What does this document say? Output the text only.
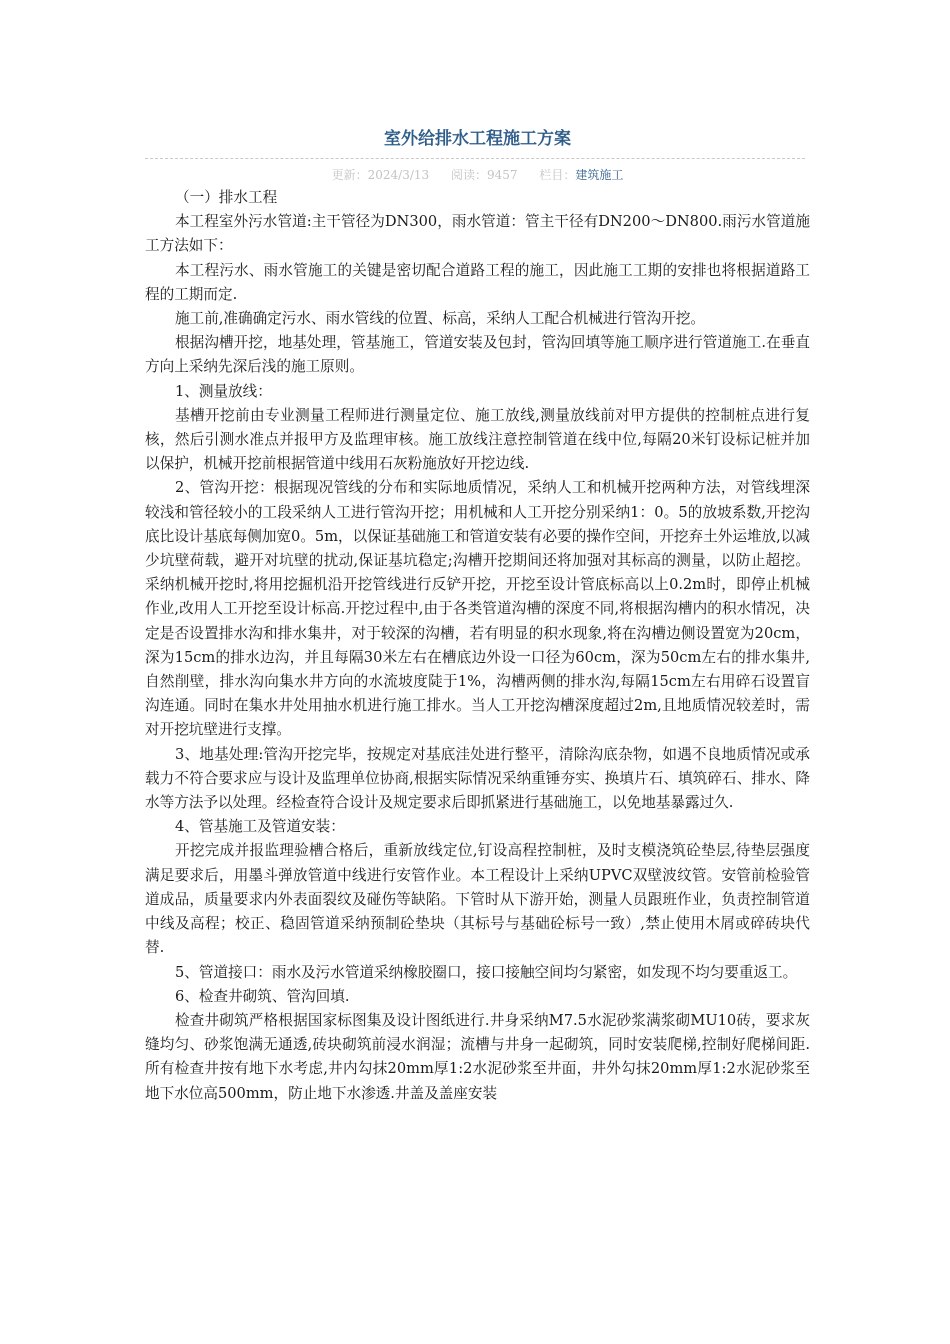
室外给排水工程施工方案
更新：2024/3/13 阅读：9457 栏目：建筑施工

（一）排水工程

本工程室外污水管道:主干管径为DN300，雨水管道：管主干径有DN200～DN800.雨污水管道施工方法如下：

本工程污水、雨水管施工的关键是密切配合道路工程的施工，因此施工工期的安排也将根据道路工程的工期而定.

施工前,准确确定污水、雨水管线的位置、标高，采纳人工配合机械进行管沟开挖。

根据沟槽开挖，地基处理，管基施工，管道安装及包封，管沟回填等施工顺序进行管道施工.在垂直方向上采纳先深后浅的施工原则。

1、测量放线：

基槽开挖前由专业测量工程师进行测量定位、施工放线,测量放线前对甲方提供的控制桩点进行复核，然后引测水准点并报甲方及监理审核。施工放线注意控制管道在线中位,每隔20米钉设标记桩并加以保护，机械开挖前根据管道中线用石灰粉施放好开挖边线.

2、管沟开挖：根据现况管线的分布和实际地质情况，采纳人工和机械开挖两种方法，对管线埋深较浅和管径较小的工段采纳人工进行管沟开挖；用机械和人工开挖分别采纳1：0。5的放坡系数,开挖沟底比设计基底每侧加宽0。5m，以保证基础施工和管道安装有必要的操作空间，开挖弃土外运堆放,以减少坑壁荷载，避开对坑壁的扰动,保证基坑稳定;沟槽开挖期间还将加强对其标高的测量，以防止超挖。采纳机械开挖时,将用挖掘机沿开挖管线进行反铲开挖，开挖至设计管底标高以上0.2m时，即停止机械作业,改用人工开挖至设计标高.开挖过程中,由于各类管道沟槽的深度不同,将根据沟槽内的积水情况，决定是否设置排水沟和排水集井，对于较深的沟槽，若有明显的积水现象,将在沟槽边侧设置宽为20cm，深为15cm的排水边沟，并且每隔30米左右在槽底边外设一口径为60cm，深为50cm左右的排水集井,自然削壁，排水沟向集水井方向的水流坡度陡于1%，沟槽两侧的排水沟,每隔15cm左右用碎石设置盲沟连通。同时在集水井处用抽水机进行施工排水。当人工开挖沟槽深度超过2m,且地质情况较差时，需对开挖坑壁进行支撑。

3、地基处理:管沟开挖完毕，按规定对基底洼处进行整平，清除沟底杂物，如遇不良地质情况或承载力不符合要求应与设计及监理单位协商,根据实际情况采纳重锤夯实、换填片石、填筑碎石、排水、降水等方法予以处理。经检查符合设计及规定要求后即抓紧进行基础施工，以免地基暴露过久.

4、管基施工及管道安装：

开挖完成并报监理验槽合格后，重新放线定位,钉设高程控制桩，及时支模浇筑砼垫层,待垫层强度满足要求后，用墨斗弹放管道中线进行安管作业。本工程设计上采纳UPVC双壁波纹管。安管前检验管道成品，质量要求内外表面裂纹及碰伤等缺陷。下管时从下游开始，测量人员跟班作业，负责控制管道中线及高程；校正、稳固管道采纳预制砼垫块（其标号与基础砼标号一致）,禁止使用木屑或碎砖块代替.

5、管道接口：雨水及污水管道采纳橡胶圈口，接口接触空间均匀紧密，如发现不均匀要重返工。

6、检查井砌筑、管沟回填.

检查井砌筑严格根据国家标图集及设计图纸进行.井身采纳M7.5水泥砂浆满浆砌MU10砖，要求灰缝均匀、砂浆饱满无通透,砖块砌筑前浸水润湿；流槽与井身一起砌筑，同时安装爬梯,控制好爬梯间距.所有检查井按有地下水考虑,井内勾抹20mm厚1:2水泥砂浆至井面，井外勾抹20mm厚1:2水泥砂浆至地下水位高500mm，防止地下水渗透.井盖及盖座安装
